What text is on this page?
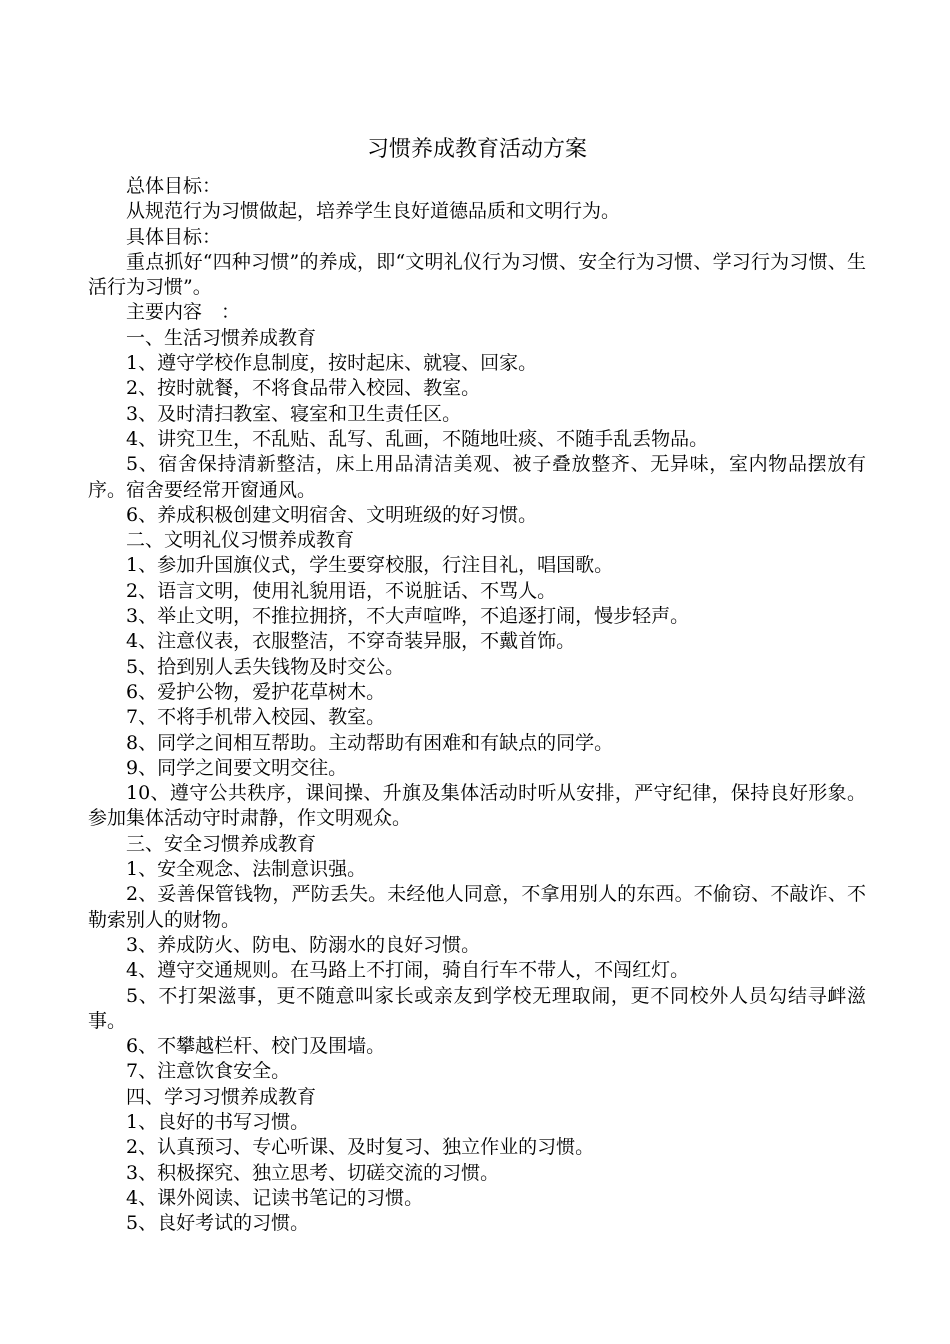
习惯养成教育活动方案

总体目标：

从规范行为习惯做起，培养学生良好道德品质和文明行为。

具体目标：

重点抓好“四种习惯”的养成，即“文明礼仪行为习惯、安全行为习惯、学习行为习惯、生活行为习惯”。

主要内容　：

一、生活习惯养成教育

1、遵守学校作息制度，按时起床、就寝、回家。

2、按时就餐，不将食品带入校园、教室。

3、及时清扫教室、寝室和卫生责任区。

4、讲究卫生，不乱贴、乱写、乱画，不随地吐痰、不随手乱丢物品。

5、宿舍保持清新整洁，床上用品清洁美观、被子叠放整齐、无异味，室内物品摆放有序。宿舍要经常开窗通风。

6、养成积极创建文明宿舍、文明班级的好习惯。

二、文明礼仪习惯养成教育

1、参加升国旗仪式，学生要穿校服，行注目礼，唱国歌。

2、语言文明，使用礼貌用语，不说脏话、不骂人。

3、举止文明，不推拉拥挤，不大声喧哗，不追逐打闹，慢步轻声。

4、注意仪表，衣服整洁，不穿奇装异服，不戴首饰。

5、拾到别人丢失钱物及时交公。

6、爱护公物，爱护花草树木。

7、不将手机带入校园、教室。

8、同学之间相互帮助。主动帮助有困难和有缺点的同学。

9、同学之间要文明交往。

10、遵守公共秩序，课间操、升旗及集体活动时听从安排，严守纪律，保持良好形象。参加集体活动守时肃静，作文明观众。

三、安全习惯养成教育

1、安全观念、法制意识强。

2、妥善保管钱物，严防丢失。未经他人同意，不拿用别人的东西。不偷窃、不敲诈、不勒索别人的财物。

3、养成防火、防电、防溺水的良好习惯。

4、遵守交通规则。在马路上不打闹，骑自行车不带人，不闯红灯。

5、不打架滋事，更不随意叫家长或亲友到学校无理取闹，更不同校外人员勾结寻衅滋事。

6、不攀越栏杆、校门及围墙。

7、注意饮食安全。

四、学习习惯养成教育

1、良好的书写习惯。

2、认真预习、专心听课、及时复习、独立作业的习惯。

3、积极探究、独立思考、切磋交流的习惯。

4、课外阅读、记读书笔记的习惯。

5、良好考试的习惯。
